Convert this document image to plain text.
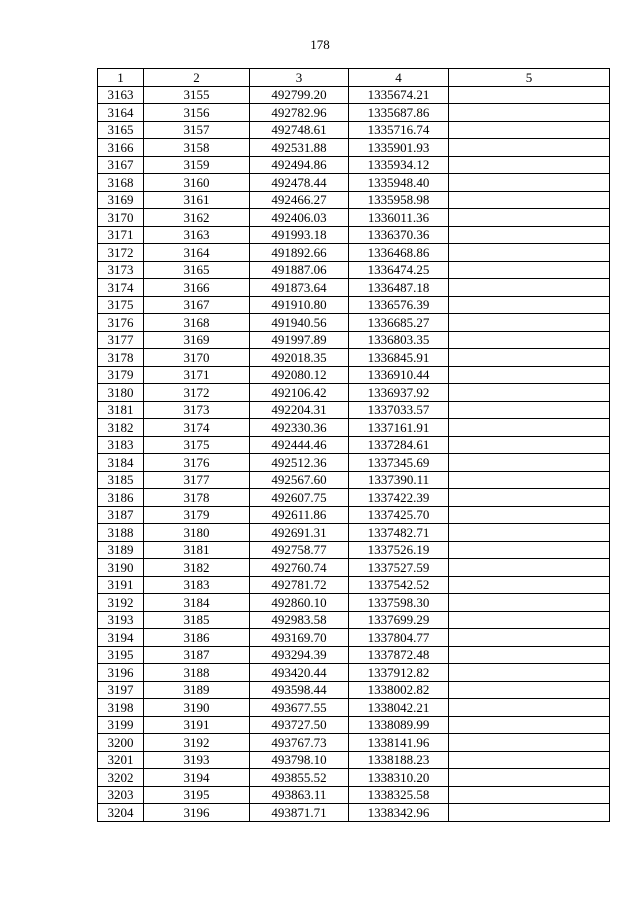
178
1	2	3	4	5
3163	3155	492799.20	1335674.21	
3164	3156	492782.96	1335687.86	
3165	3157	492748.61	1335716.74	
3166	3158	492531.88	1335901.93	
3167	3159	492494.86	1335934.12	
3168	3160	492478.44	1335948.40	
3169	3161	492466.27	1335958.98	
3170	3162	492406.03	1336011.36	
3171	3163	491993.18	1336370.36	
3172	3164	491892.66	1336468.86	
3173	3165	491887.06	1336474.25	
3174	3166	491873.64	1336487.18	
3175	3167	491910.80	1336576.39	
3176	3168	491940.56	1336685.27	
3177	3169	491997.89	1336803.35	
3178	3170	492018.35	1336845.91	
3179	3171	492080.12	1336910.44	
3180	3172	492106.42	1336937.92	
3181	3173	492204.31	1337033.57	
3182	3174	492330.36	1337161.91	
3183	3175	492444.46	1337284.61	
3184	3176	492512.36	1337345.69	
3185	3177	492567.60	1337390.11	
3186	3178	492607.75	1337422.39	
3187	3179	492611.86	1337425.70	
3188	3180	492691.31	1337482.71	
3189	3181	492758.77	1337526.19	
3190	3182	492760.74	1337527.59	
3191	3183	492781.72	1337542.52	
3192	3184	492860.10	1337598.30	
3193	3185	492983.58	1337699.29	
3194	3186	493169.70	1337804.77	
3195	3187	493294.39	1337872.48	
3196	3188	493420.44	1337912.82	
3197	3189	493598.44	1338002.82	
3198	3190	493677.55	1338042.21	
3199	3191	493727.50	1338089.99	
3200	3192	493767.73	1338141.96	
3201	3193	493798.10	1338188.23	
3202	3194	493855.52	1338310.20	
3203	3195	493863.11	1338325.58	
3204	3196	493871.71	1338342.96	
